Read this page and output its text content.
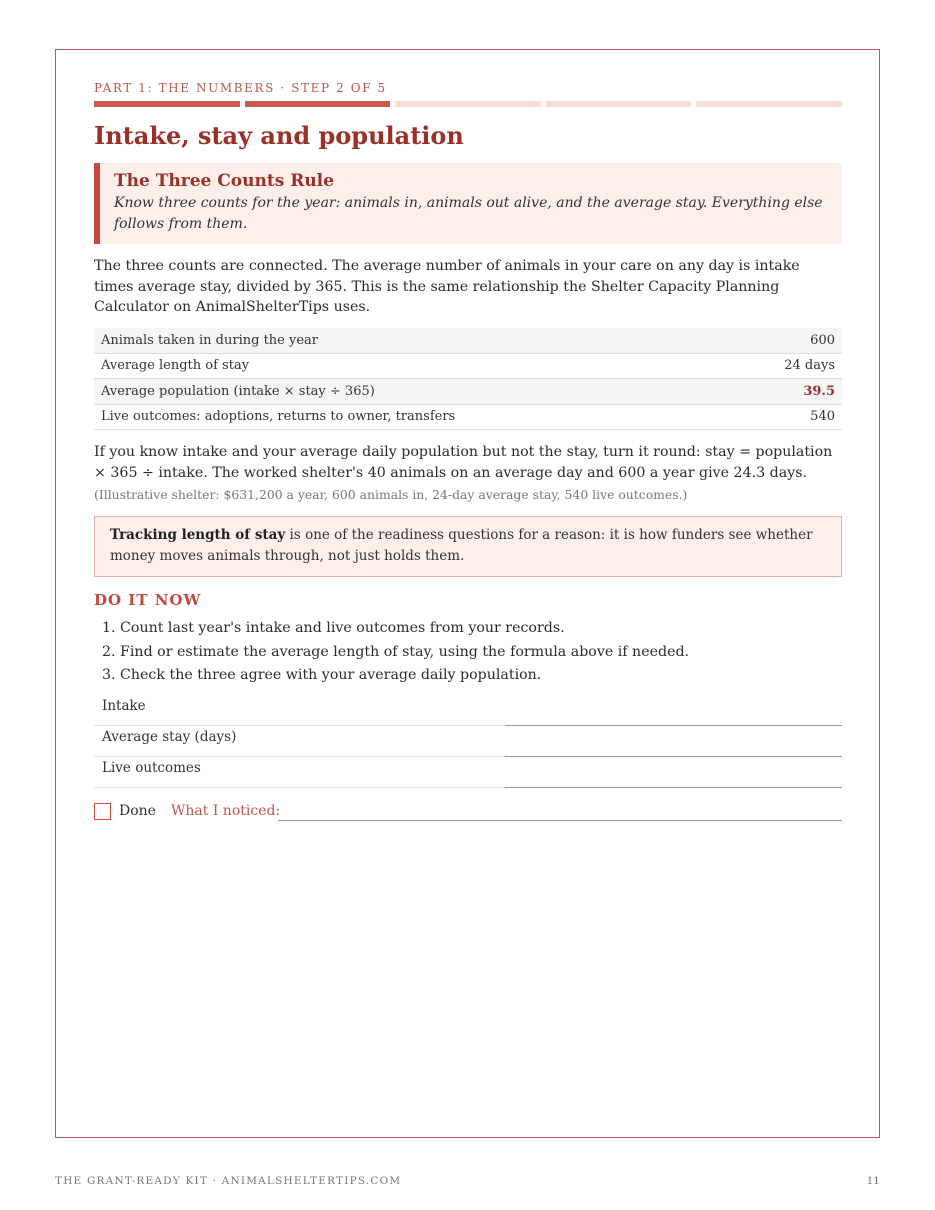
PART 1: THE NUMBERS · STEP 2 OF 5
Intake, stay and population
The Three Counts Rule
Know three counts for the year: animals in, animals out alive, and the average stay. Everything else follows from them.

The three counts are connected. The average number of animals in your care on any day is intake times average stay, divided by 365. This is the same relationship the Shelter Capacity Planning Calculator on AnimalShelterTips uses.

Animals taken in during the year	600
Average length of stay	24 days
Average population (intake × stay ÷ 365)	39.5
Live outcomes: adoptions, returns to owner, transfers	540

If you know intake and your average daily population but not the stay, turn it round: stay = population × 365 ÷ intake. The worked shelter's 40 animals on an average day and 600 a year give 24.3 days. (Illustrative shelter: $631,200 a year, 600 animals in, 24-day average stay, 540 live outcomes.)

Tracking length of stay is one of the readiness questions for a reason: it is how funders see whether money moves animals through, not just holds them.
DO IT NOW
1. Count last year's intake and live outcomes from your records.
2. Find or estimate the average length of stay, using the formula above if needed.
3. Check the three agree with your average daily population.
Intake
Average stay (days)
Live outcomes
Done What I noticed:
THE GRANT-READY KIT · ANIMALSHELTERTIPS.COM	11
